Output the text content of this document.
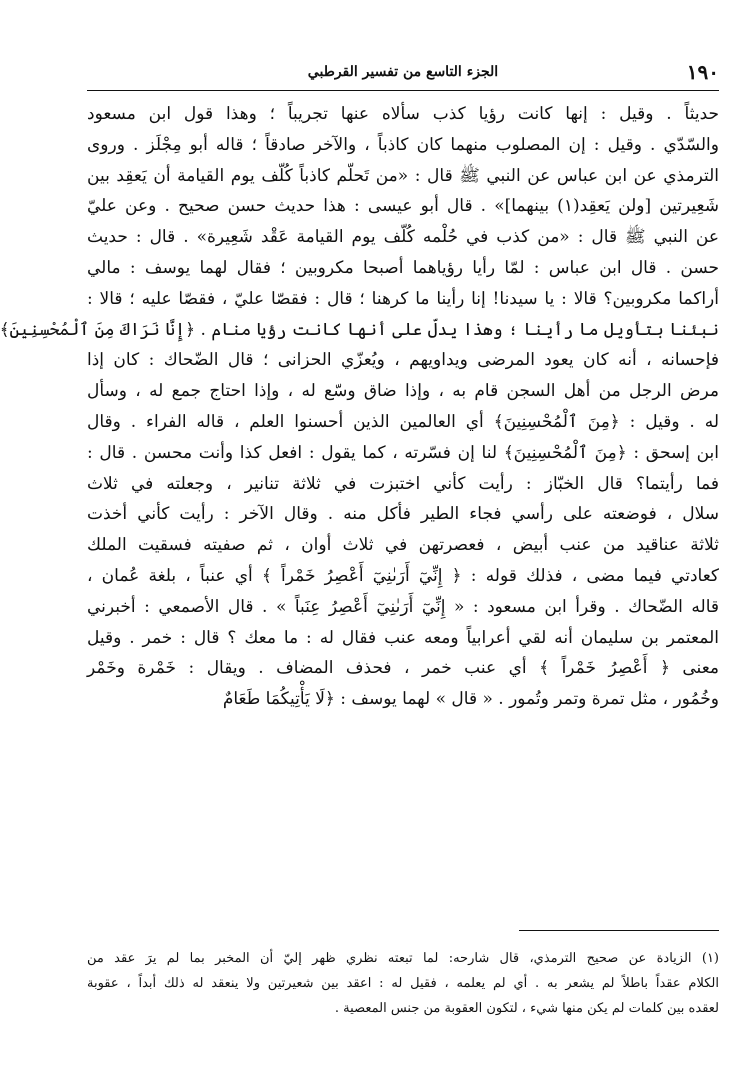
١٩٠
الجزء التاسع من تفسير القرطبي

حديثاً . وقيل : إنها كانت رؤيا كذب سألاه عنها تجريباً ؛ وهذا قول ابن مسعود

والسّدّي . وقيل : إن المصلوب منهما كان كاذباً ، والآخر صادقاً ؛ قاله أبو مِجْلَز . وروى

الترمذي عن ابن عباس عن النبي ﷺ قال : «من تَحلّم كاذباً كُلّف يوم القيامة أن يَعقِد بين

شَعِيرتين [ولن يَعقِد(١) بينهما]» . قال أبو عيسى : هذا حديث حسن صحيح . وعن عليّ

عن النبي ﷺ قال : «من كذب في حُلْمه كُلّف يوم القيامة عَقْد شَعِيرة» . قال : حديث

حسن . قال ابن عباس : لمّا رأيا رؤياهما أصبحا مكروبين ؛ فقال لهما يوسف : مالي

أراكما مكروبين؟ قالا : يا سيدنا! إنا رأينا ما كرهنا ؛ قال : فقصّا عليّ ، فقصّا عليه ؛ قالا :

نبئنا بتأويل ما رأينا ؛ وهذا يدلّ على أنها كانت رؤيا منام . ﴿إِنَّا نَرَاكَ مِنَ ٱلْمُحْسِنِينَ﴾

فإحسانه ، أنه كان يعود المرضى ويداويهم ، ويُعزّي الحزانى ؛ قال الضّحاك : كان إذا

مرض الرجل من أهل السجن قام به ، وإذا ضاق وسّع له ، وإذا احتاج جمع له ، وسأل

له . وقيل : ﴿مِنَ ٱلْمُحْسِنِينَ﴾ أي العالمين الذين أحسنوا العلم ، قاله الفراء . وقال

ابن إسحق : ﴿مِنَ ٱلْمُحْسِنِينَ﴾ لنا إن فسّرته ، كما يقول : افعل كذا وأنت محسن . قال :

فما رأيتما؟ قال الخبّاز : رأيت كأني اختبزت في ثلاثة تنانير ، وجعلته في ثلاث

سلال ، فوضعته على رأسي فجاء الطير فأكل منه . وقال الآخر : رأيت كأني أخذت

ثلاثة عناقيد من عنب أبيض ، فعصرتهن في ثلاث أوان ، ثم صفيته فسقيت الملك

كعادتي فيما مضى ، فذلك قوله : ﴿ إِنِّيٓ أَرَىٰنِيٓ أَعْصِرُ خَمْراً ﴾ أي عنباً ، بلغة عُمان ،

قاله الضّحاك . وقرأ ابن مسعود : « إِنِّيٓ أَرَىٰنِيٓ أَعْصِرُ عِنَباً » . قال الأصمعي : أخبرني

المعتمر بن سليمان أنه لقي أعرابياً ومعه عنب فقال له : ما معك ؟ قال : خمر . وقيل

معنى ﴿ أَعْصِرُ خَمْراً ﴾ أي عنب خمر ، فحذف المضاف . ويقال : خَمْرة وخَمْر

وخُمُور ، مثل تمرة وتمر وتُمور . « قال » لهما يوسف : ﴿لَا يَأْتِيكُمَا طَعَامٌ

(١) الزيادة عن صحيح الترمذي، قال شارحه: لما تبعته نظري ظهر إليّ أن المخبر بما لم يرَ عقد من

الكلام عقداً باطلاً لم يشعر به . أي لم يعلمه ، فقيل له : اعقد بين شعيرتين ولا ينعقد له ذلك أبداً ، عقوبة

لعقده بين كلمات لم يكن منها شيء ، لتكون العقوبة من جنس المعصية .
